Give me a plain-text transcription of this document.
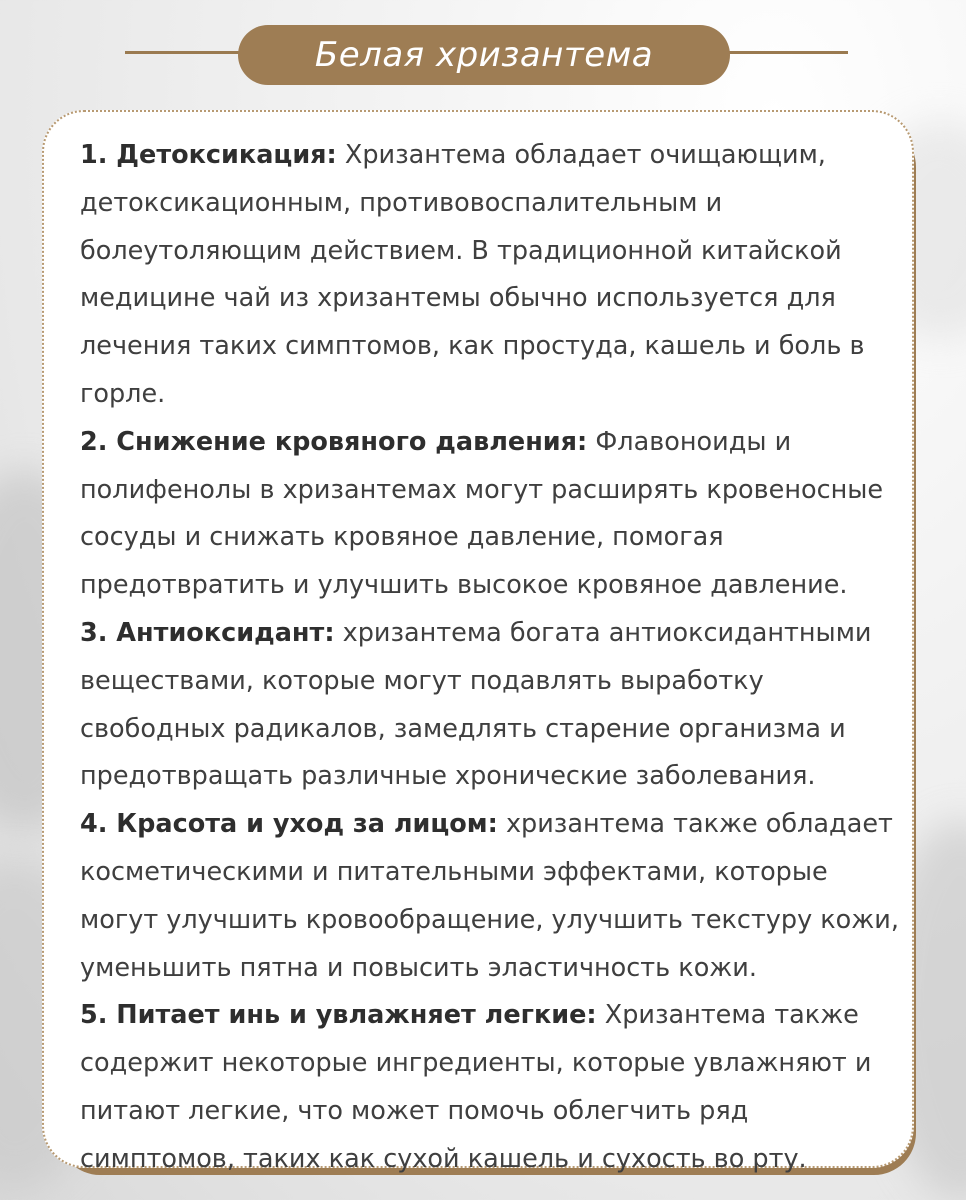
Белая хризантема

1. Детоксикация: Хризантема обладает очищающим, детоксикационным, противовоспалительным и болеутоляющим действием. В традиционной китайской медицине чай из хризантемы обычно используется для лечения таких симптомов, как простуда, кашель и боль в горле.

2. Снижение кровяного давления: Флавоноиды и полифенолы в хризантемах могут расширять кровеносные сосуды и снижать кровяное давление, помогая предотвратить и улучшить высокое кровяное давление.

3. Антиоксидант: хризантема богата антиоксидантными веществами, которые могут подавлять выработку свободных радикалов, замедлять старение организма и предотвращать различные хронические заболевания.

4. Красота и уход за лицом: хризантема также обладает косметическими и питательными эффектами, которые могут улучшить кровообращение, улучшить текстуру кожи, уменьшить пятна и повысить эластичность кожи.

5. Питает инь и увлажняет легкие: Хризантема также содержит некоторые ингредиенты, которые увлажняют и питают легкие, что может помочь облегчить ряд симптомов, таких как сухой кашель и сухость во рту.
